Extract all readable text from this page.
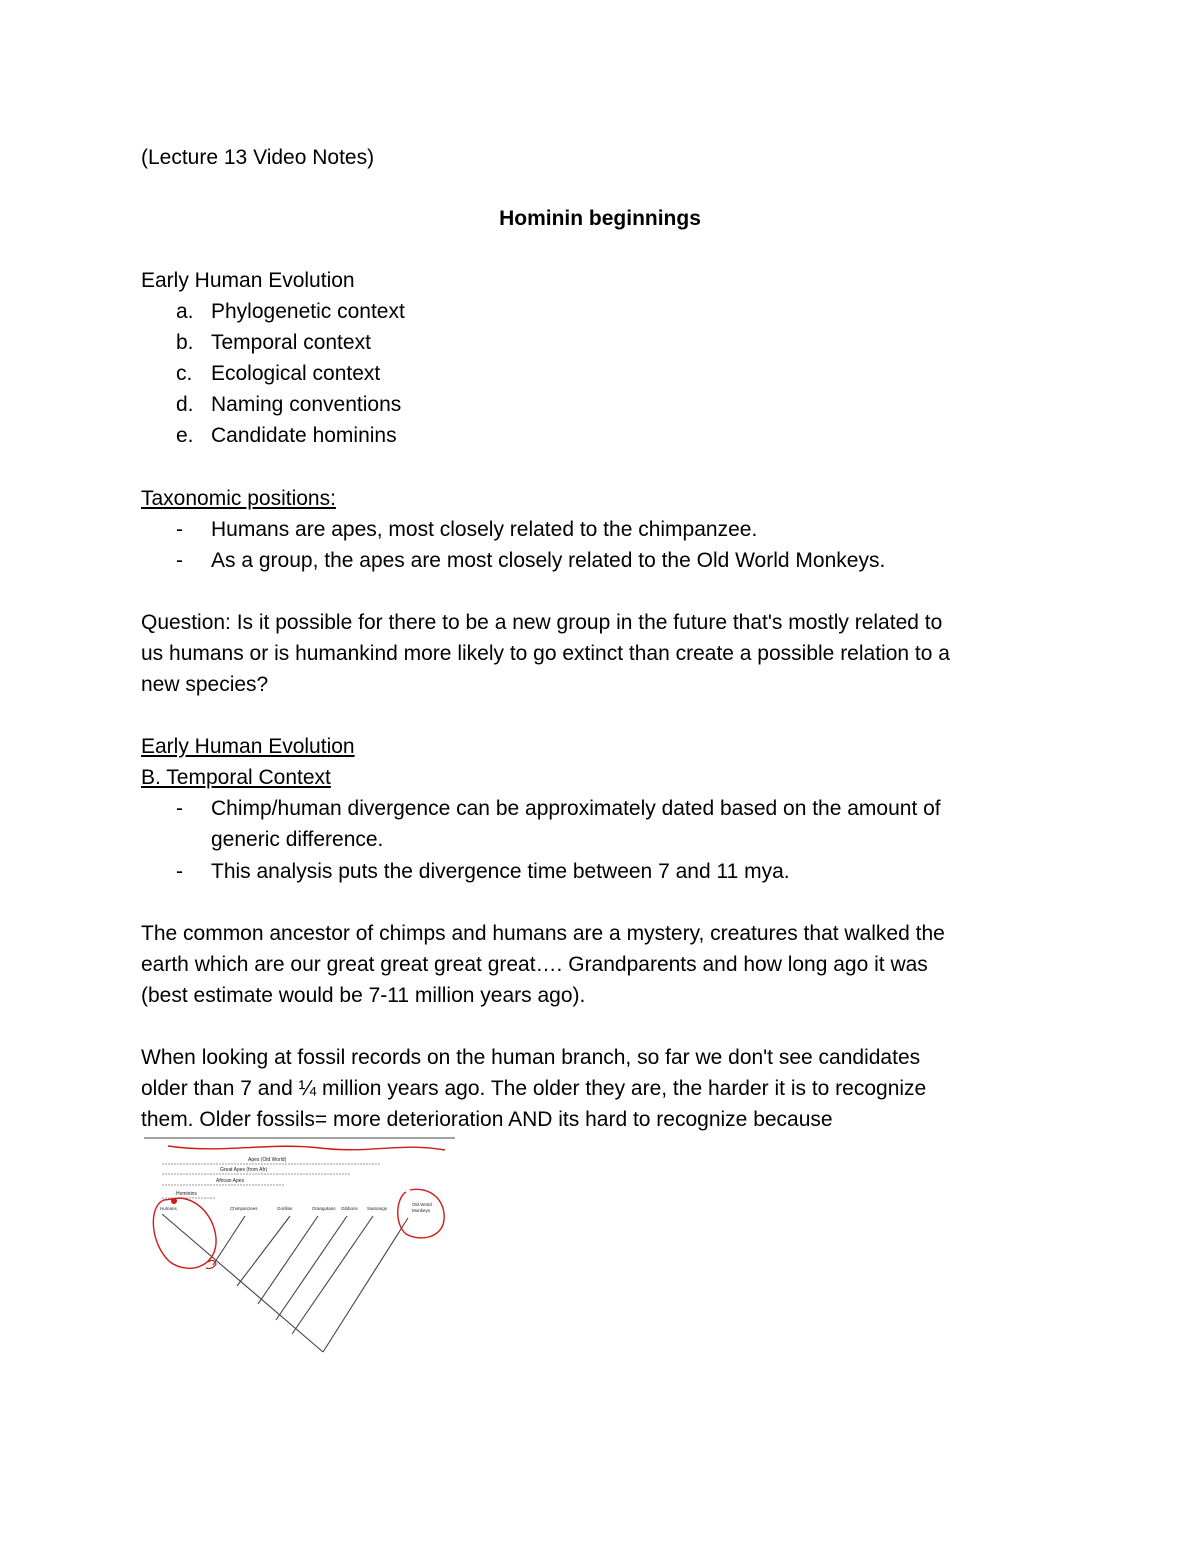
(Lecture 13 Video Notes)
Hominin beginnings
Early Human Evolution
a. Phylogenetic context
b. Temporal context
c. Ecological context
d. Naming conventions
e. Candidate hominins
Taxonomic positions:
- Humans are apes, most closely related to the chimpanzee.
- As a group, the apes are most closely related to the Old World Monkeys.
Question: Is it possible for there to be a new group in the future that's mostly related to
us humans or is humankind more likely to go extinct than create a possible relation to a
new species?
Early Human Evolution
B. Temporal Context
- Chimp/human divergence can be approximately dated based on the amount of
generic difference.
- This analysis puts the divergence time between 7 and 11 mya.
The common ancestor of chimps and humans are a mystery, creatures that walked the
earth which are our great great great great…. Grandparents and how long ago it was
(best estimate would be 7-11 million years ago).
When looking at fossil records on the human branch, so far we don't see candidates
older than 7 and ¼ million years ago. The older they are, the harder it is to recognize
them. Older fossils= more deterioration AND its hard to recognize because
Apes (Old World)
Great Apes (from Afr)
African Apes
Hominins
Humans	Chimpanzees	Gorillas	Orangutans Gibbons Siamangs
Old World
Monkeys
